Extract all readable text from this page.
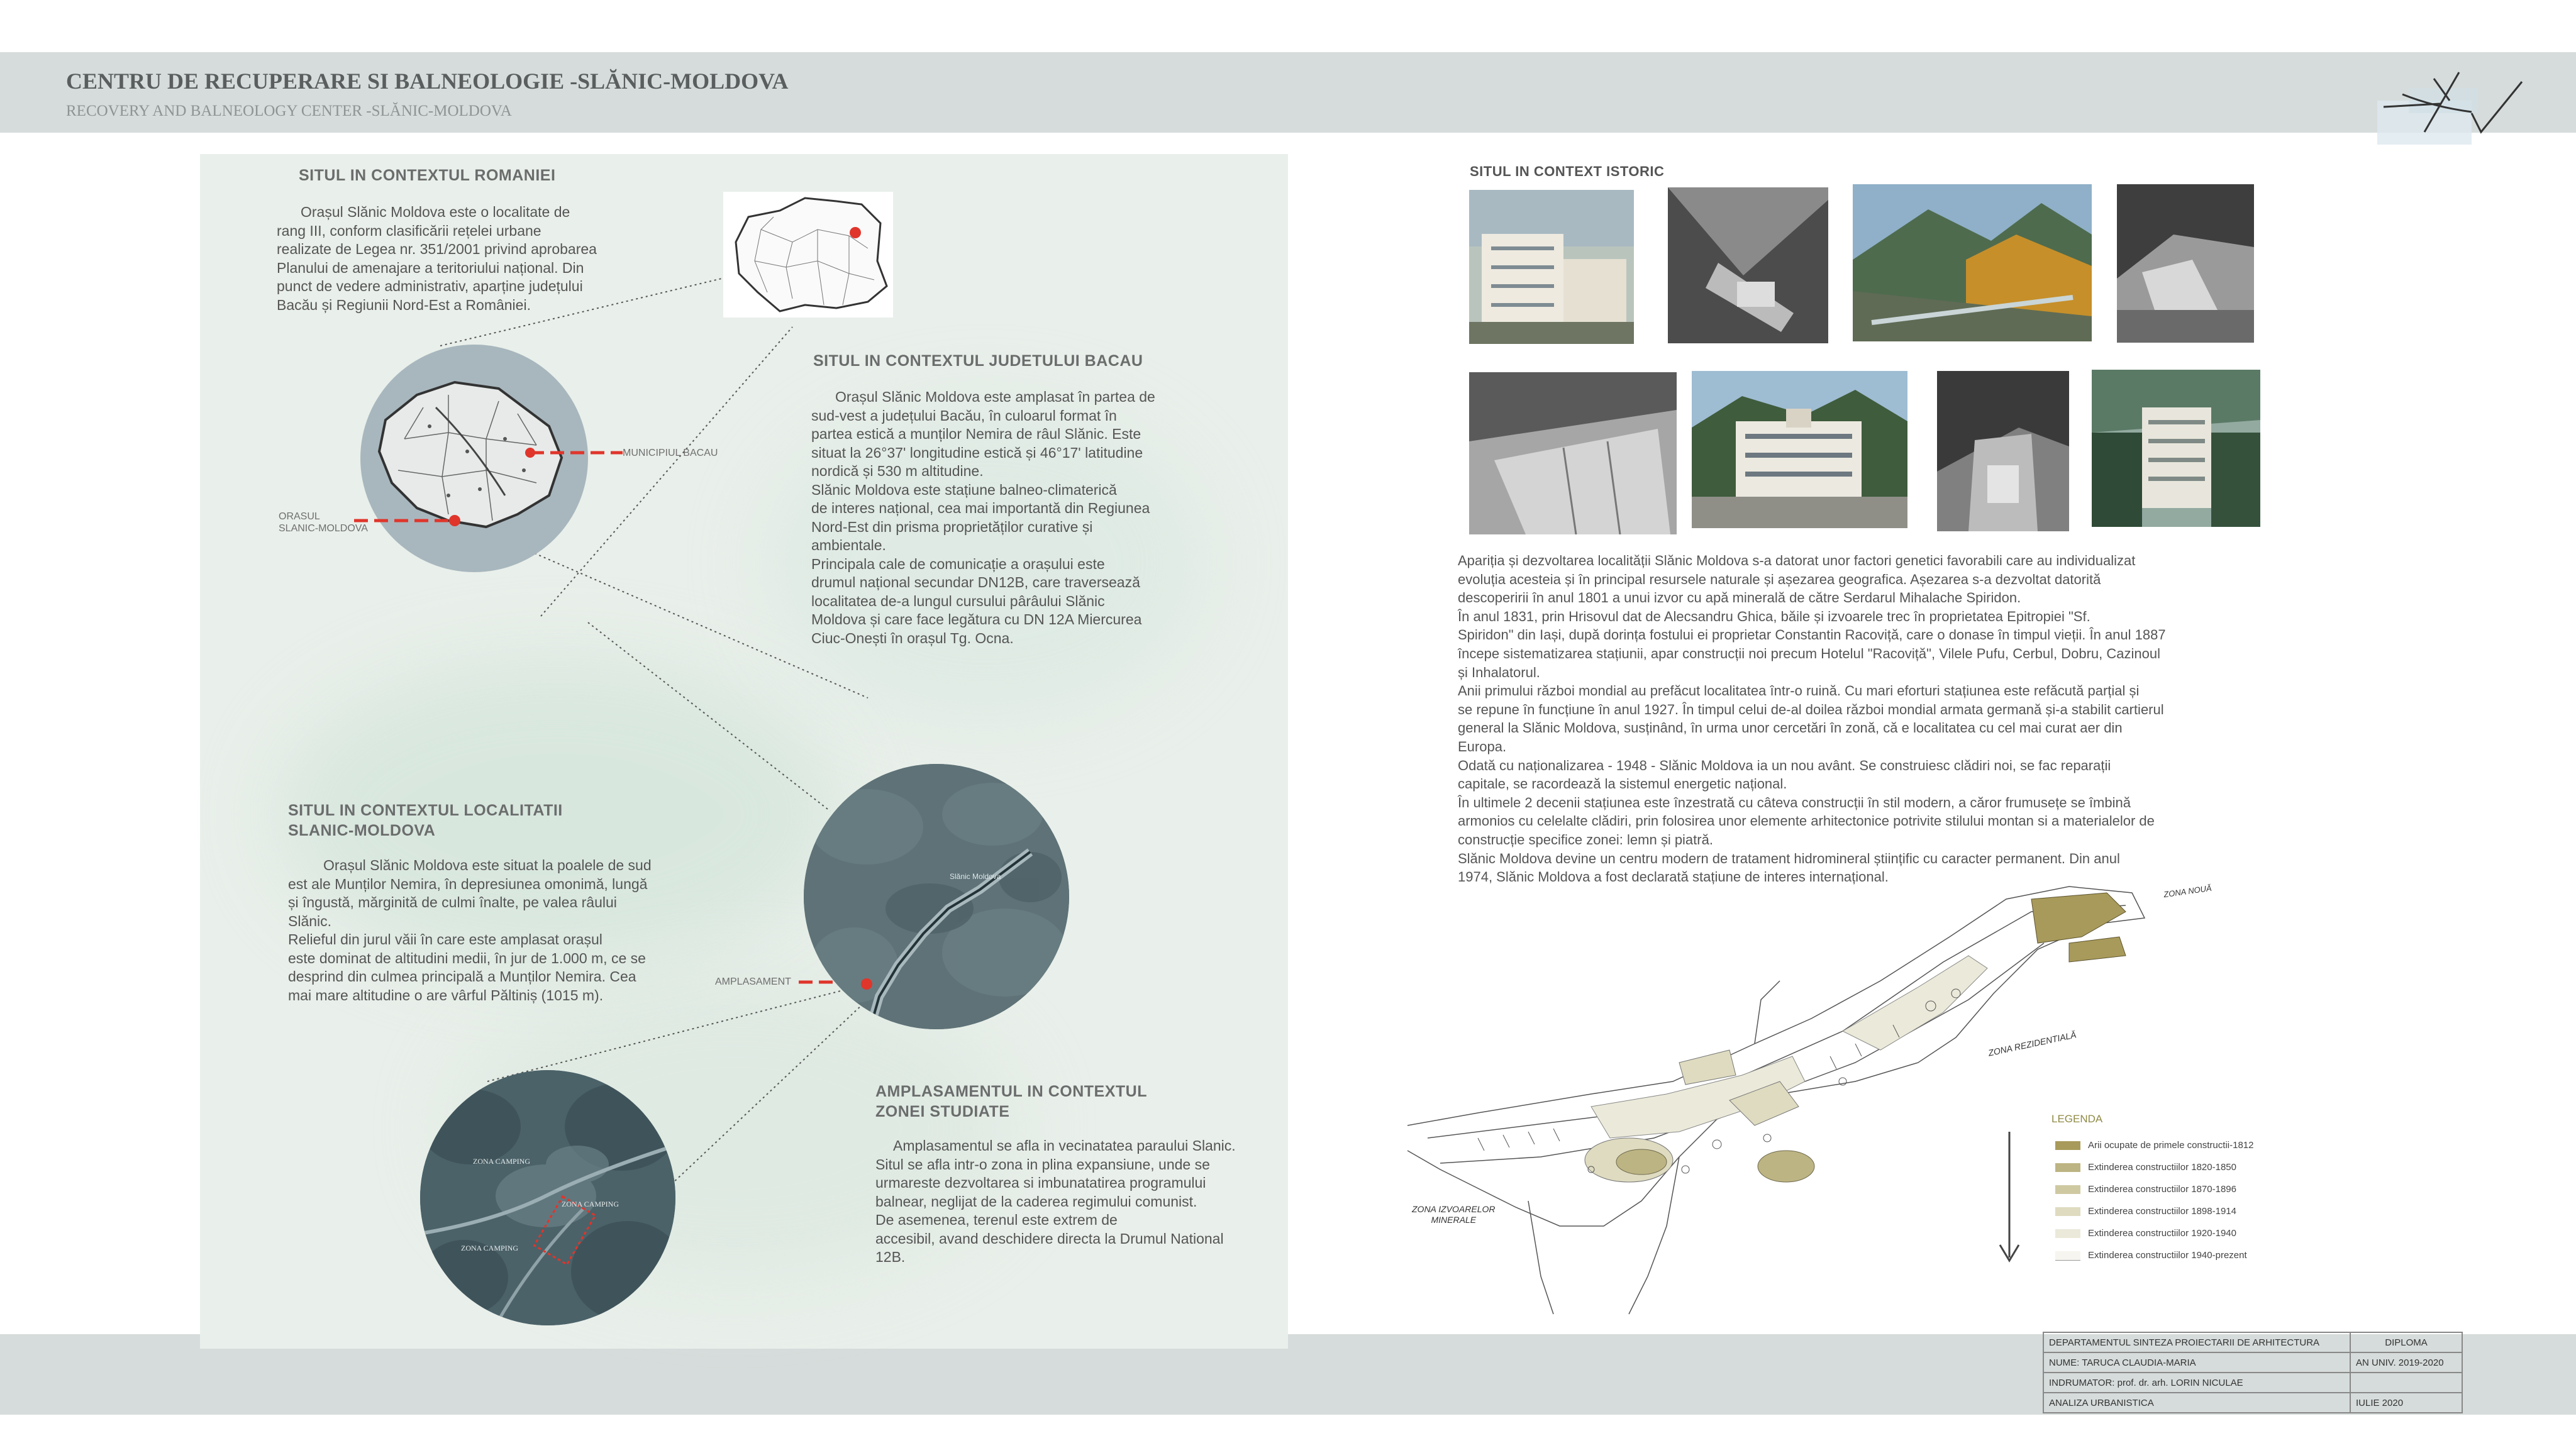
CENTRU DE RECUPERARE SI BALNEOLOGIE -SLĂNIC-MOLDOVA
RECOVERY AND BALNEOLOGY CENTER -SLĂNIC-MOLDOVA
MUNICIPIUL BACAU
ORASUL
SLANIC-MOLDOVA
Slănic Moldova
AMPLASAMENT
ZONA CAMPING
ZONA CAMPING
ZONA CAMPING
SITUL IN CONTEXTUL ROMANIEI
Orașul Slănic Moldova este o localitate de
rang III, conform clasificării rețelei urbane
realizate de Legea nr. 351/2001 privind aprobarea
Planului de amenajare a teritoriului național. Din
punct de vedere administrativ, aparține județului
Bacău și Regiunii Nord-Est a României.
SITUL IN CONTEXTUL JUDETULUI BACAU
Orașul Slănic Moldova este amplasat în partea de
sud-vest a județului Bacău, în culoarul format în
partea estică a munților Nemira de râul Slănic. Este
situat la 26°37' longitudine estică și 46°17' latitudine
nordică și 530 m altitudine.
Slănic Moldova este stațiune balneo-climaterică
de interes național, cea mai importantă din Regiunea
Nord-Est din prisma proprietăților curative și
ambientale.
Principala cale de comunicație a orașului este
drumul național secundar DN12B, care traversează
localitatea de-a lungul cursului pârâului Slănic
Moldova și care face legătura cu DN 12A Miercurea
Ciuc-Onești în orașul Tg. Ocna.
SITUL IN CONTEXTUL LOCALITATII
SLANIC-MOLDOVA
Orașul Slănic Moldova este situat la poalele de sud
est ale Munților Nemira, în depresiunea omonimă, lungă
și îngustă, mărginită de culmi înalte, pe valea râului
Slănic.
Relieful din jurul văii în care este amplasat orașul
este dominat de altitudini medii, în jur de 1.000 m, ce se
desprind din culmea principală a Munților Nemira. Cea
mai mare altitudine o are vârful Păltiniș (1015 m).
AMPLASAMENTUL IN CONTEXTUL
ZONEI STUDIATE
Amplasamentul se afla in vecinatatea paraului Slanic.
Situl se afla intr-o zona in plina expansiune, unde se
urmareste dezvoltarea si imbunatatirea programului
balnear, neglijat de la caderea regimului comunist.
De asemenea, terenul este extrem de
accesibil, avand deschidere directa la Drumul National
12B.
SITUL IN CONTEXT ISTORIC
Apariția și dezvoltarea localității Slănic Moldova s-a datorat unor factori genetici favorabili care au individualizat
evoluția acesteia și în principal resursele naturale și așezarea geografica. Așezarea s-a dezvoltat datorită
descoperirii în anul 1801 a unui izvor cu apă minerală de către Serdarul Mihalache Spiridon.
În anul 1831, prin Hrisovul dat de Alecsandru Ghica, băile și izvoarele trec în proprietatea Epitropiei "Sf.
Spiridon" din Iași, după dorința fostului ei proprietar Constantin Racoviță, care o donase în timpul vieții. În anul 1887
începe sistematizarea stațiunii, apar construcții noi precum Hotelul "Racoviță", Vilele Pufu, Cerbul, Dobru, Cazinoul
și Inhalatorul.
Anii primului război mondial au prefăcut localitatea într-o ruină. Cu mari eforturi stațiunea este refăcută parțial și
se repune în funcțiune în anul 1927. În timpul celui de-al doilea război mondial armata germană și-a stabilit cartierul
general la Slănic Moldova, susținând, în urma unor cercetări în zonă, că e localitatea cu cel mai curat aer din
Europa.
Odată cu naționalizarea - 1948 - Slănic Moldova ia un nou avânt. Se construiesc clădiri noi, se fac reparații
capitale, se racordează la sistemul energetic național.
În ultimele 2 decenii stațiunea este înzestrată cu câteva construcții în stil modern, a căror frumusețe se îmbină
armonios cu celelalte clădiri, prin folosirea unor elemente arhitectonice potrivite stilului montan si a materialelor de
construcție specifice zonei: lemn și piatră.
Slănic Moldova devine un centru modern de tratament hidromineral științific cu caracter permanent. Din anul
1974, Slănic Moldova a fost declarată stațiune de interes internațional.
ZONA REZIDENTIALĂ
ZONA IZVOARELOR
MINERALE
ZONA NOUĂ
LEGENDA
Arii ocupate de primele constructii-1812
Extinderea constructiilor 1820-1850
Extinderea constructiilor 1870-1896
Extinderea constructiilor 1898-1914
Extinderea constructiilor 1920-1940
Extinderea constructiilor 1940-prezent
DEPARTAMENTUL SINTEZA PROIECTARII DE ARHITECTURA	DIPLOMA
NUME: TARUCA CLAUDIA-MARIA	AN UNIV. 2019-2020
INDRUMATOR: prof. dr. arh. LORIN NICULAE	
ANALIZA URBANISTICA	IULIE 2020
